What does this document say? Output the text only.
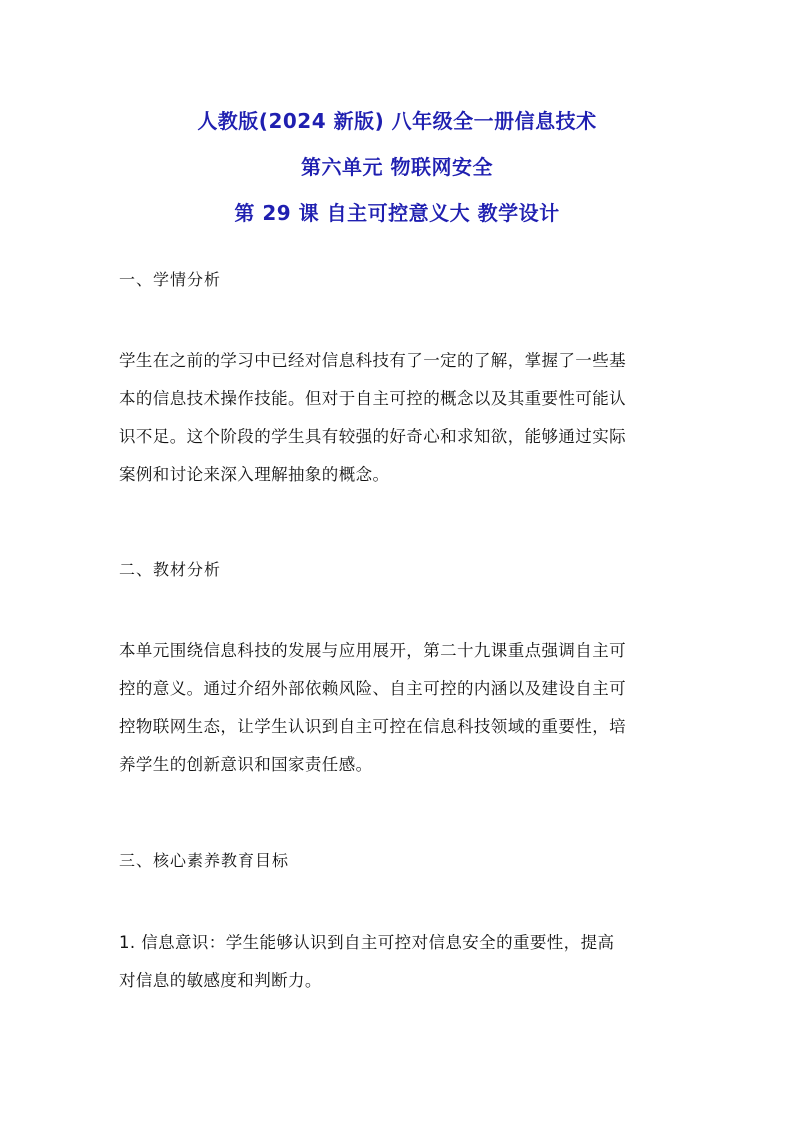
人教版(2024 新版) 八年级全一册信息技术
第六单元 物联网安全
第 29 课 自主可控意义大 教学设计
一、学情分析
学生在之前的学习中已经对信息科技有了一定的了解，掌握了一些基
本的信息技术操作技能。但对于自主可控的概念以及其重要性可能认
识不足。这个阶段的学生具有较强的好奇心和求知欲，能够通过实际
案例和讨论来深入理解抽象的概念。
二、教材分析
本单元围绕信息科技的发展与应用展开，第二十九课重点强调自主可
控的意义。通过介绍外部依赖风险、自主可控的内涵以及建设自主可
控物联网生态，让学生认识到自主可控在信息科技领域的重要性，培
养学生的创新意识和国家责任感。
三、核心素养教育目标
1. 信息意识：学生能够认识到自主可控对信息安全的重要性，提高
对信息的敏感度和判断力。
